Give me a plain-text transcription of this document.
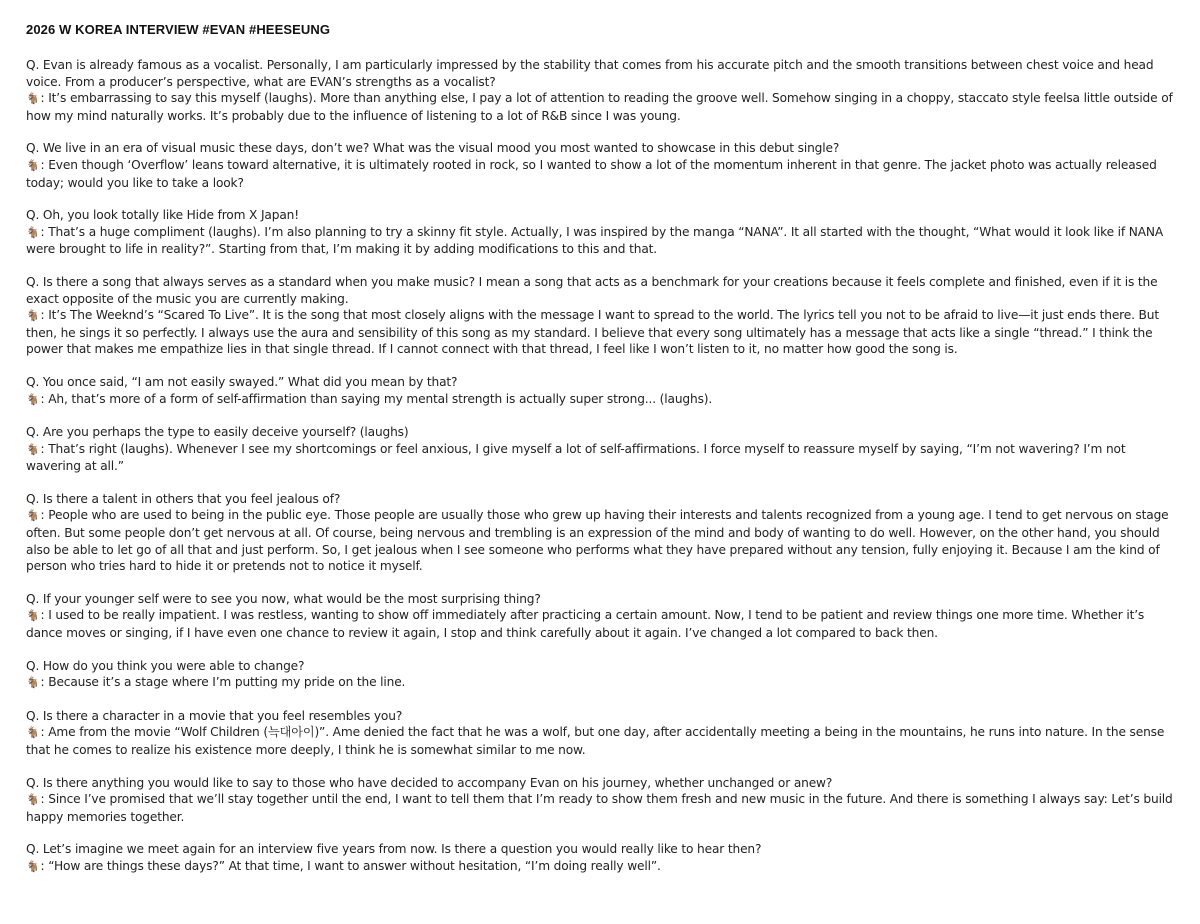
2026 W KOREA INTERVIEW #EVAN #HEESEUNG

Q. Evan is already famous as a vocalist. Personally, I am particularly impressed by the stability that comes from his accurate pitch and the smooth transitions between chest voice and head voice. From a producer’s perspective, what are EVAN’s strengths as a vocalist?

🐐: It’s embarrassing to say this myself (laughs). More than anything else, I pay a lot of attention to reading the groove well. Somehow singing in a choppy, staccato style feelsa little outside of how my mind naturally works. It’s probably due to the influence of listening to a lot of R&B since I was young.

Q. We live in an era of visual music these days, don’t we? What was the visual mood you most wanted to showcase in this debut single?

🐐: Even though ‘Overflow’ leans toward alternative, it is ultimately rooted in rock, so I wanted to show a lot of the momentum inherent in that genre. The jacket photo was actually released today; would you like to take a look?

Q. Oh, you look totally like Hide from X Japan!

🐐: That’s a huge compliment (laughs). I’m also planning to try a skinny fit style. Actually, I was inspired by the manga “NANA”. It all started with the thought, “What would it look like if NANA were brought to life in reality?”. Starting from that, I’m making it by adding modifications to this and that.

Q. Is there a song that always serves as a standard when you make music? I mean a song that acts as a benchmark for your creations because it feels complete and finished, even if it is the exact opposite of the music you are currently making.

🐐: It’s The Weeknd’s “Scared To Live”. It is the song that most closely aligns with the message I want to spread to the world. The lyrics tell you not to be afraid to live—it just ends there. But then, he sings it so perfectly. I always use the aura and sensibility of this song as my standard. I believe that every song ultimately has a message that acts like a single “thread.” I think the power that makes me empathize lies in that single thread. If I cannot connect with that thread, I feel like I won’t listen to it, no matter how good the song is.

Q. You once said, “I am not easily swayed.” What did you mean by that?

🐐: Ah, that’s more of a form of self-affirmation than saying my mental strength is actually super strong... (laughs).

Q. Are you perhaps the type to easily deceive yourself? (laughs)

🐐: That’s right (laughs). Whenever I see my shortcomings or feel anxious, I give myself a lot of self-affirmations. I force myself to reassure myself by saying, “I’m not wavering? I’m not wavering at all.”

Q. Is there a talent in others that you feel jealous of?

🐐: People who are used to being in the public eye. Those people are usually those who grew up having their interests and talents recognized from a young age. I tend to get nervous on stage often. But some people don’t get nervous at all. Of course, being nervous and trembling is an expression of the mind and body of wanting to do well. However, on the other hand, you should also be able to let go of all that and just perform. So, I get jealous when I see someone who performs what they have prepared without any tension, fully enjoying it. Because I am the kind of person who tries hard to hide it or pretends not to notice it myself.

Q. If your younger self were to see you now, what would be the most surprising thing?

🐐: I used to be really impatient. I was restless, wanting to show off immediately after practicing a certain amount. Now, I tend to be patient and review things one more time. Whether it’s dance moves or singing, if I have even one chance to review it again, I stop and think carefully about it again. I’ve changed a lot compared to back then.

Q. How do you think you were able to change?

🐐: Because it’s a stage where I’m putting my pride on the line.

Q. Is there a character in a movie that you feel resembles you?

🐐: Ame from the movie “Wolf Children (늑대아이)”. Ame denied the fact that he was a wolf, but one day, after accidentally meeting a being in the mountains, he runs into nature. In the sense that he comes to realize his existence more deeply, I think he is somewhat similar to me now.

Q. Is there anything you would like to say to those who have decided to accompany Evan on his journey, whether unchanged or anew?

🐐: Since I’ve promised that we’ll stay together until the end, I want to tell them that I’m ready to show them fresh and new music in the future. And there is something I always say: Let’s build happy memories together.

Q. Let’s imagine we meet again for an interview five years from now. Is there a question you would really like to hear then?

🐐: “How are things these days?” At that time, I want to answer without hesitation, “I’m doing really well”.
